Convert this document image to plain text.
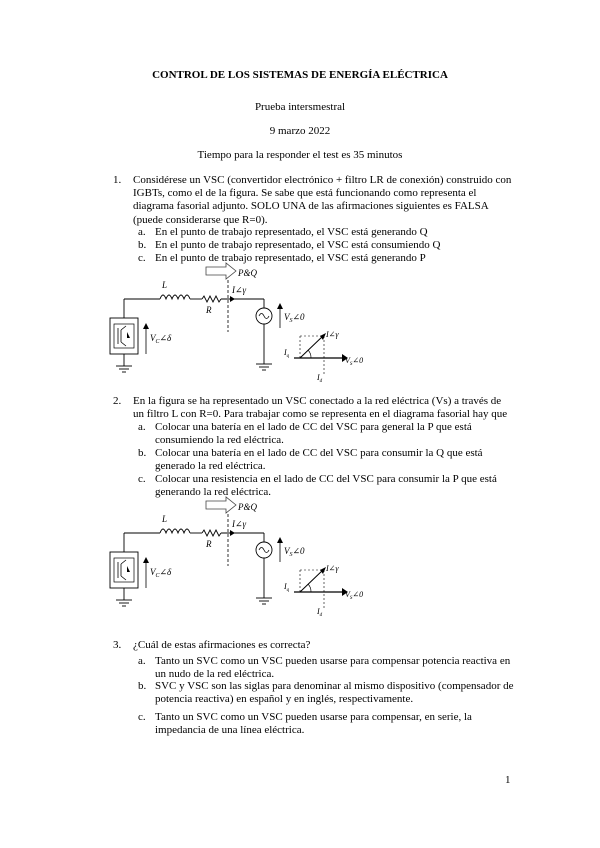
CONTROL DE LOS SISTEMAS DE ENERGÍA ELÉCTRICA
Prueba intersmestral
9 marzo 2022
Tiempo para la responder el test es 35 minutos
1. Considérese un VSC (convertidor electrónico + filtro LR de conexión) construido con IGBTs, como el de la figura. Se sabe que está funcionando como representa el diagrama fasorial adjunto. SOLO UNA de las afirmaciones siguientes es FALSA (puede considerarse que R=0).
a. En el punto de trabajo representado, el VSC está generando Q
b. En el punto de trabajo representado, el VSC está consumiendo Q
c. En el punto de trabajo representado, el VSC está generando P
P&Q
L
R
I∠γ
$V_C\angle\delta$
$V_S\angle 0$
$V_S\angle 0$
I∠γ
$I_q$
$I_d$
2. En la figura se ha representado un VSC conectado a la red eléctrica (Vs) a través de un filtro L con R=0. Para trabajar como se representa en el diagrama fasorial hay que
a. Colocar una batería en el lado de CC del VSC para general la P que está consumiendo la red eléctrica.
b. Colocar una batería en el lado de CC del VSC para consumir la Q que está generado la red eléctrica.
c. Colocar una resistencia en el lado de CC del VSC para consumir la P que está generando la red eléctrica.
P&Q
L
R
I∠γ
$V_C\angle\delta$
$V_S\angle 0$
$V_S\angle 0$
I∠γ
$I_q$
$I_d$
3. ¿Cuál de estas afirmaciones es correcta?
a. Tanto un SVC como un VSC pueden usarse para compensar potencia reactiva en un nudo de la red eléctrica.
b. SVC y VSC son las siglas para denominar al mismo dispositivo (compensador de potencia reactiva) en español y en inglés, respectivamente.
c. Tanto un SVC como un VSC pueden usarse para compensar, en serie, la impedancia de una línea eléctrica.
1
